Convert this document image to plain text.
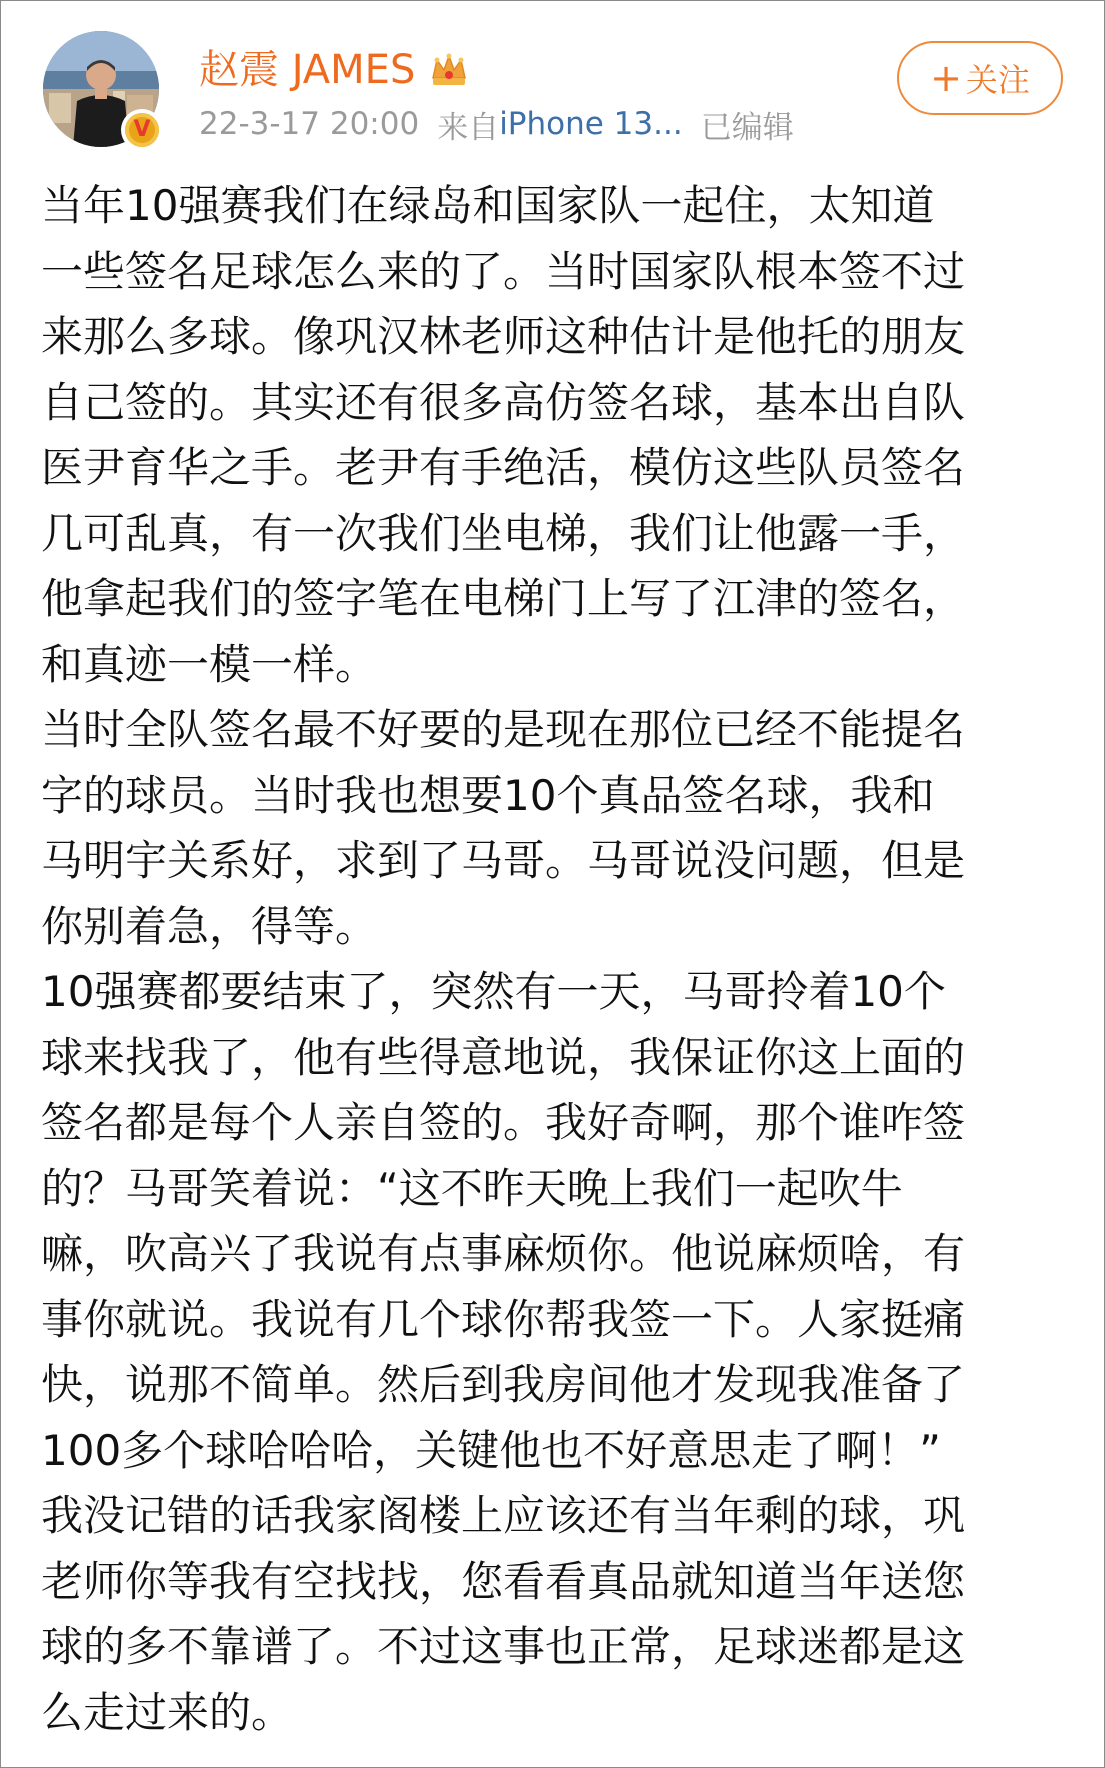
V
赵震 JAMES
22-3-17 20:00 来自 iPhone 13... 已编辑
+ 关注

当年10强赛我们在绿岛和国家队一起住，太知道

一些签名足球怎么来的了。当时国家队根本签不过

来那么多球。像巩汉林老师这种估计是他托的朋友

自己签的。其实还有很多高仿签名球，基本出自队

医尹育华之手。老尹有手绝活，模仿这些队员签名

几可乱真，有一次我们坐电梯，我们让他露一手，

他拿起我们的签字笔在电梯门上写了江津的签名，

和真迹一模一样。

当时全队签名最不好要的是现在那位已经不能提名

字的球员。当时我也想要10个真品签名球，我和

马明宇关系好，求到了马哥。马哥说没问题，但是

你别着急，得等。

10强赛都要结束了，突然有一天，马哥拎着10个

球来找我了，他有些得意地说，我保证你这上面的

签名都是每个人亲自签的。我好奇啊，那个谁咋签

的？马哥笑着说：“这不昨天晚上我们一起吹牛

嘛，吹高兴了我说有点事麻烦你。他说麻烦啥，有

事你就说。我说有几个球你帮我签一下。人家挺痛

快，说那不简单。然后到我房间他才发现我准备了

100多个球哈哈哈，关键他也不好意思走了啊！”

我没记错的话我家阁楼上应该还有当年剩的球，巩

老师你等我有空找找，您看看真品就知道当年送您

球的多不靠谱了。不过这事也正常，足球迷都是这

么走过来的。
